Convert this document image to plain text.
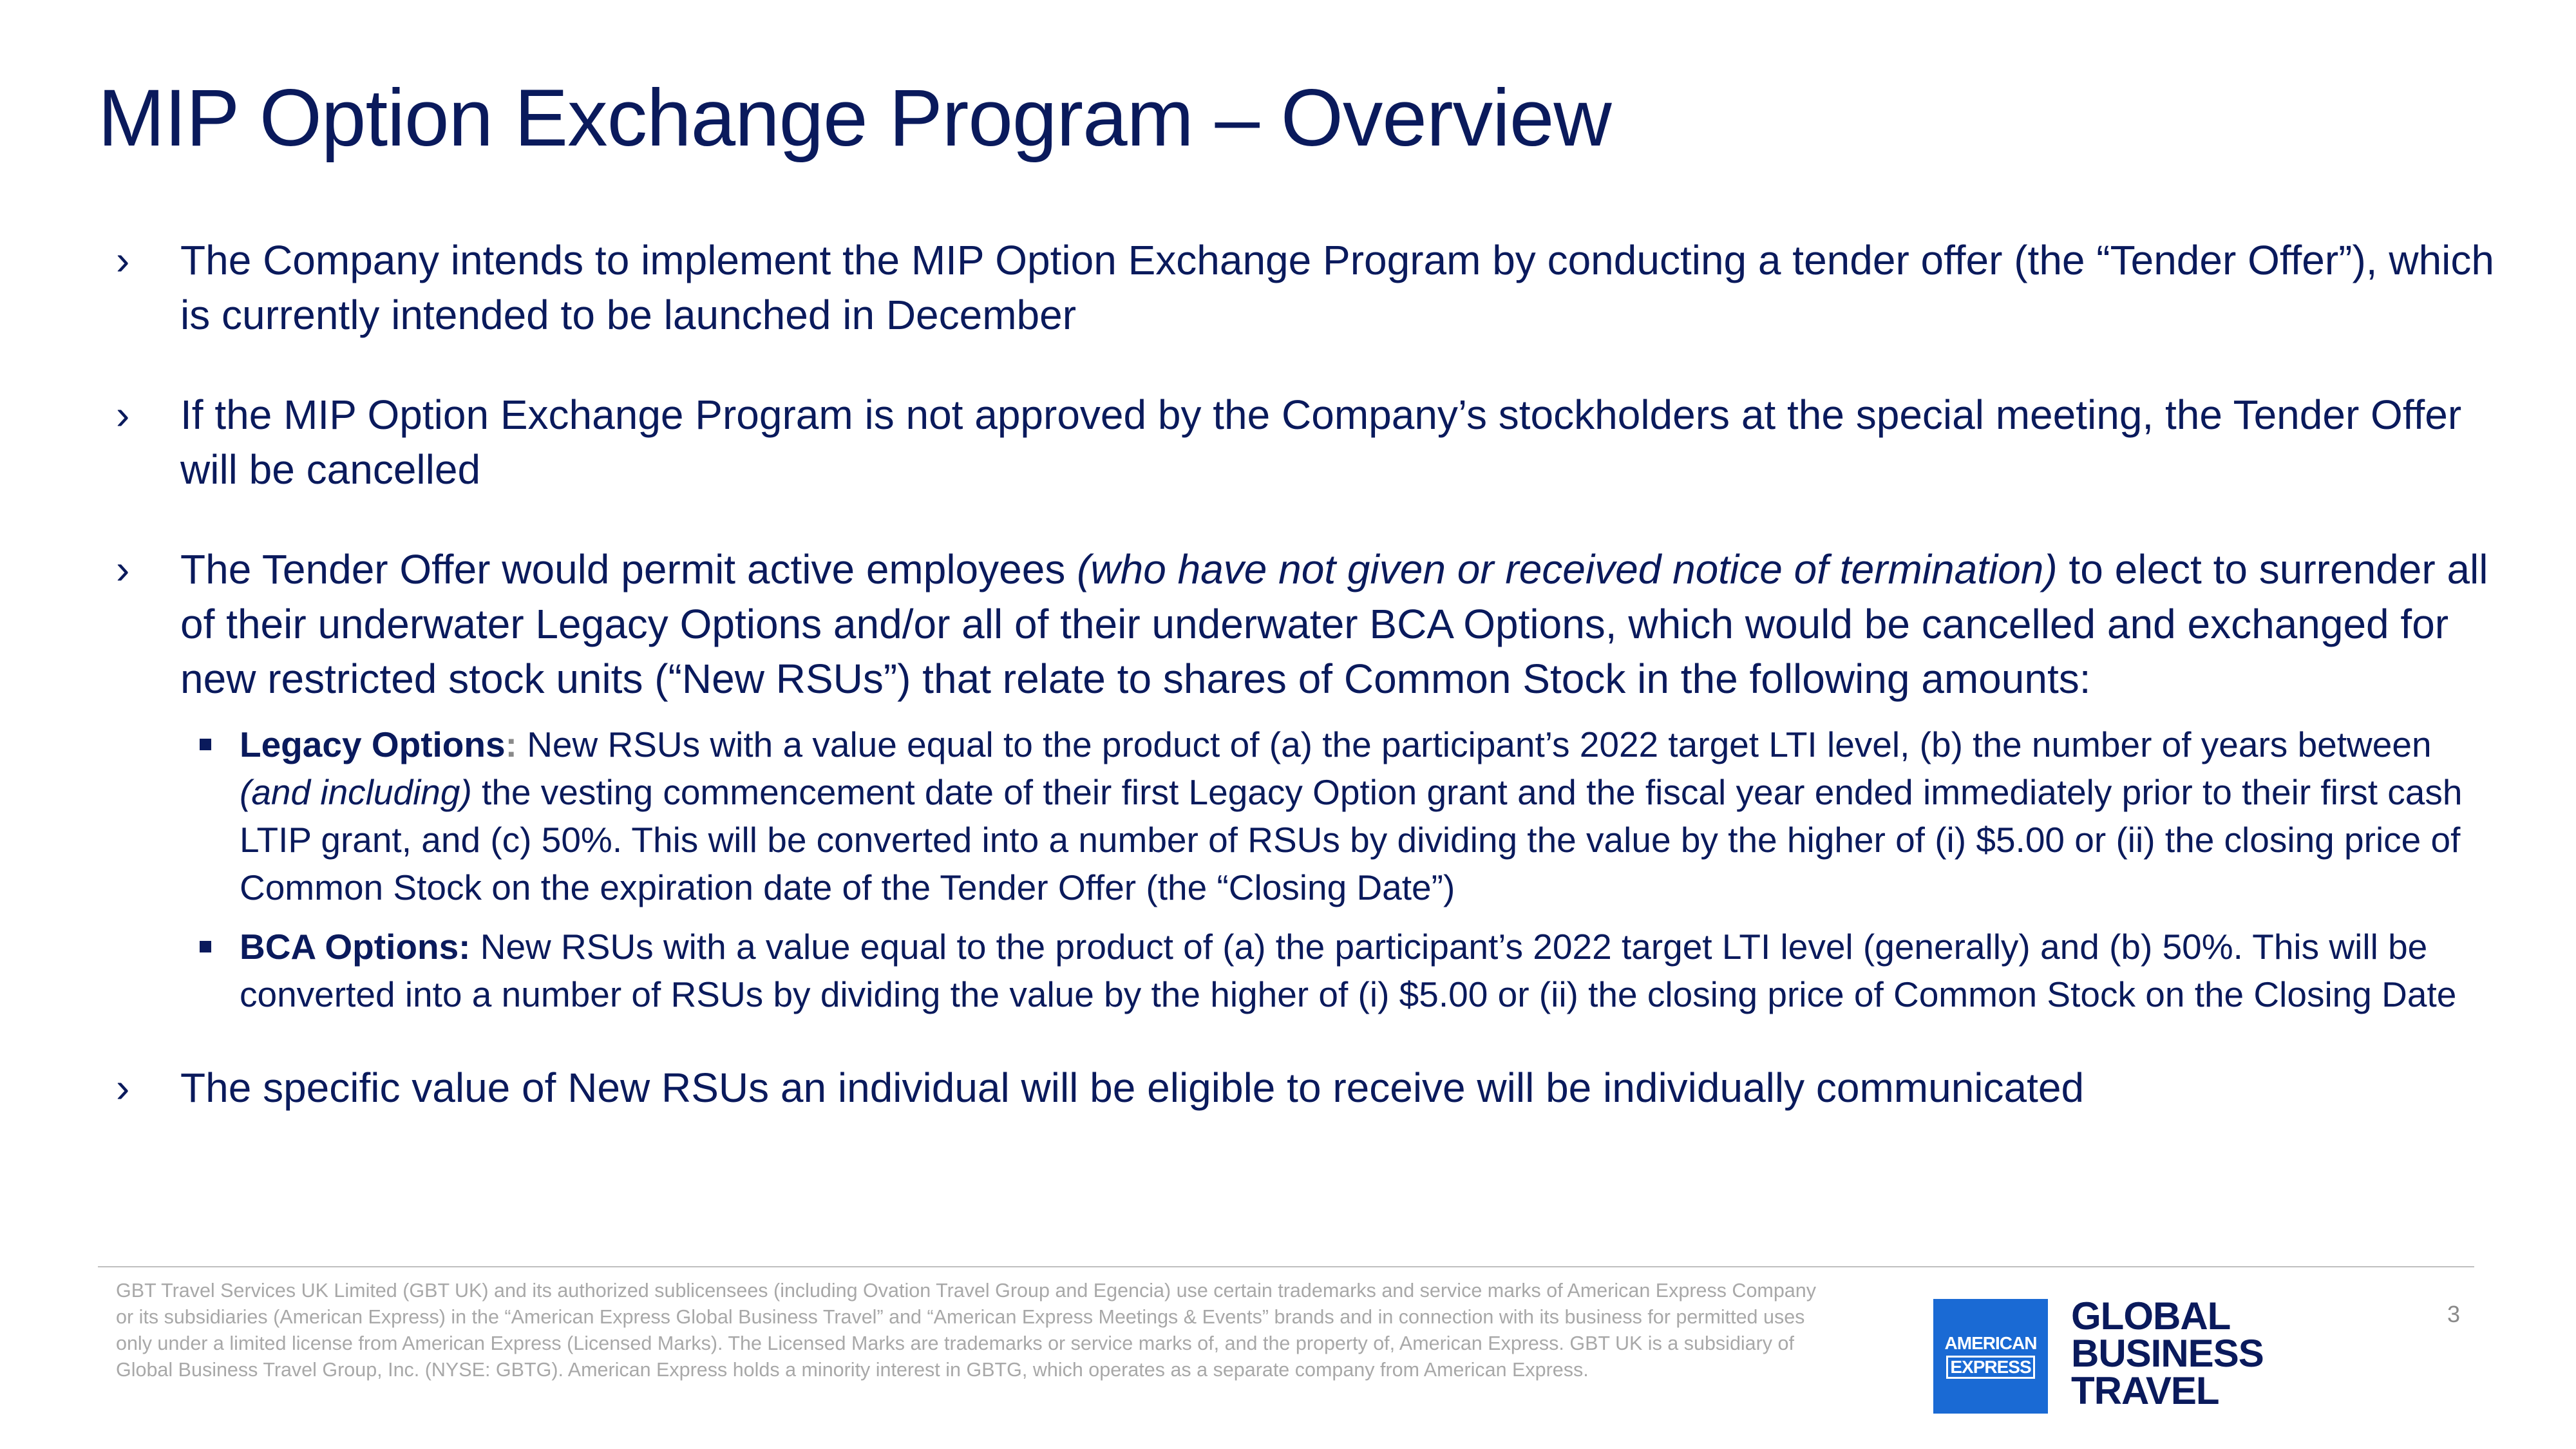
MIP Option Exchange Program – Overview

›	The Company intends to implement the MIP Option Exchange Program by conducting a tender offer (the “Tender Offer”), which is currently intended to be launched in December

›	If the MIP Option Exchange Program is not approved by the Company’s stockholders at the special meeting, the Tender Offer will be cancelled

›	The Tender Offer would permit active employees (who have not given or received notice of termination) to elect to surrender all of their underwater Legacy Options and/or all of their underwater BCA Options, which would be cancelled and exchanged for new restricted stock units (“New RSUs”) that relate to shares of Common Stock in the following amounts:

Legacy Options: New RSUs with a value equal to the product of (a) the participant’s 2022 target LTI level, (b) the number of years between (and including) the vesting commencement date of their first Legacy Option grant and the fiscal year ended immediately prior to their first cash LTIP grant, and (c) 50%. This will be converted into a number of RSUs by dividing the value by the higher of (i) $5.00 or (ii) the closing price of Common Stock on the expiration date of the Tender Offer (the “Closing Date”)

BCA Options: New RSUs with a value equal to the product of (a) the participant’s 2022 target LTI level (generally) and (b) 50%. This will be converted into a number of RSUs by dividing the value by the higher of (i) $5.00 or (ii) the closing price of Common Stock on the Closing Date

›	The specific value of New RSUs an individual will be eligible to receive will be individually communicated

GBT Travel Services UK Limited (GBT UK) and its authorized sublicensees (including Ovation Travel Group and Egencia) use certain trademarks and service marks of American Express Company or its subsidiaries (American Express) in the “American Express Global Business Travel” and “American Express Meetings & Events” brands and in connection with its business for permitted uses only under a limited license from American Express (Licensed Marks). The Licensed Marks are trademarks or service marks of, and the property of, American Express. GBT UK is a subsidiary of Global Business Travel Group, Inc. (NYSE: GBTG). American Express holds a minority interest in GBTG, which operates as a separate company from American Express.

AMERICAN
EXPRESS

GLOBAL
BUSINESS
TRAVEL

3
